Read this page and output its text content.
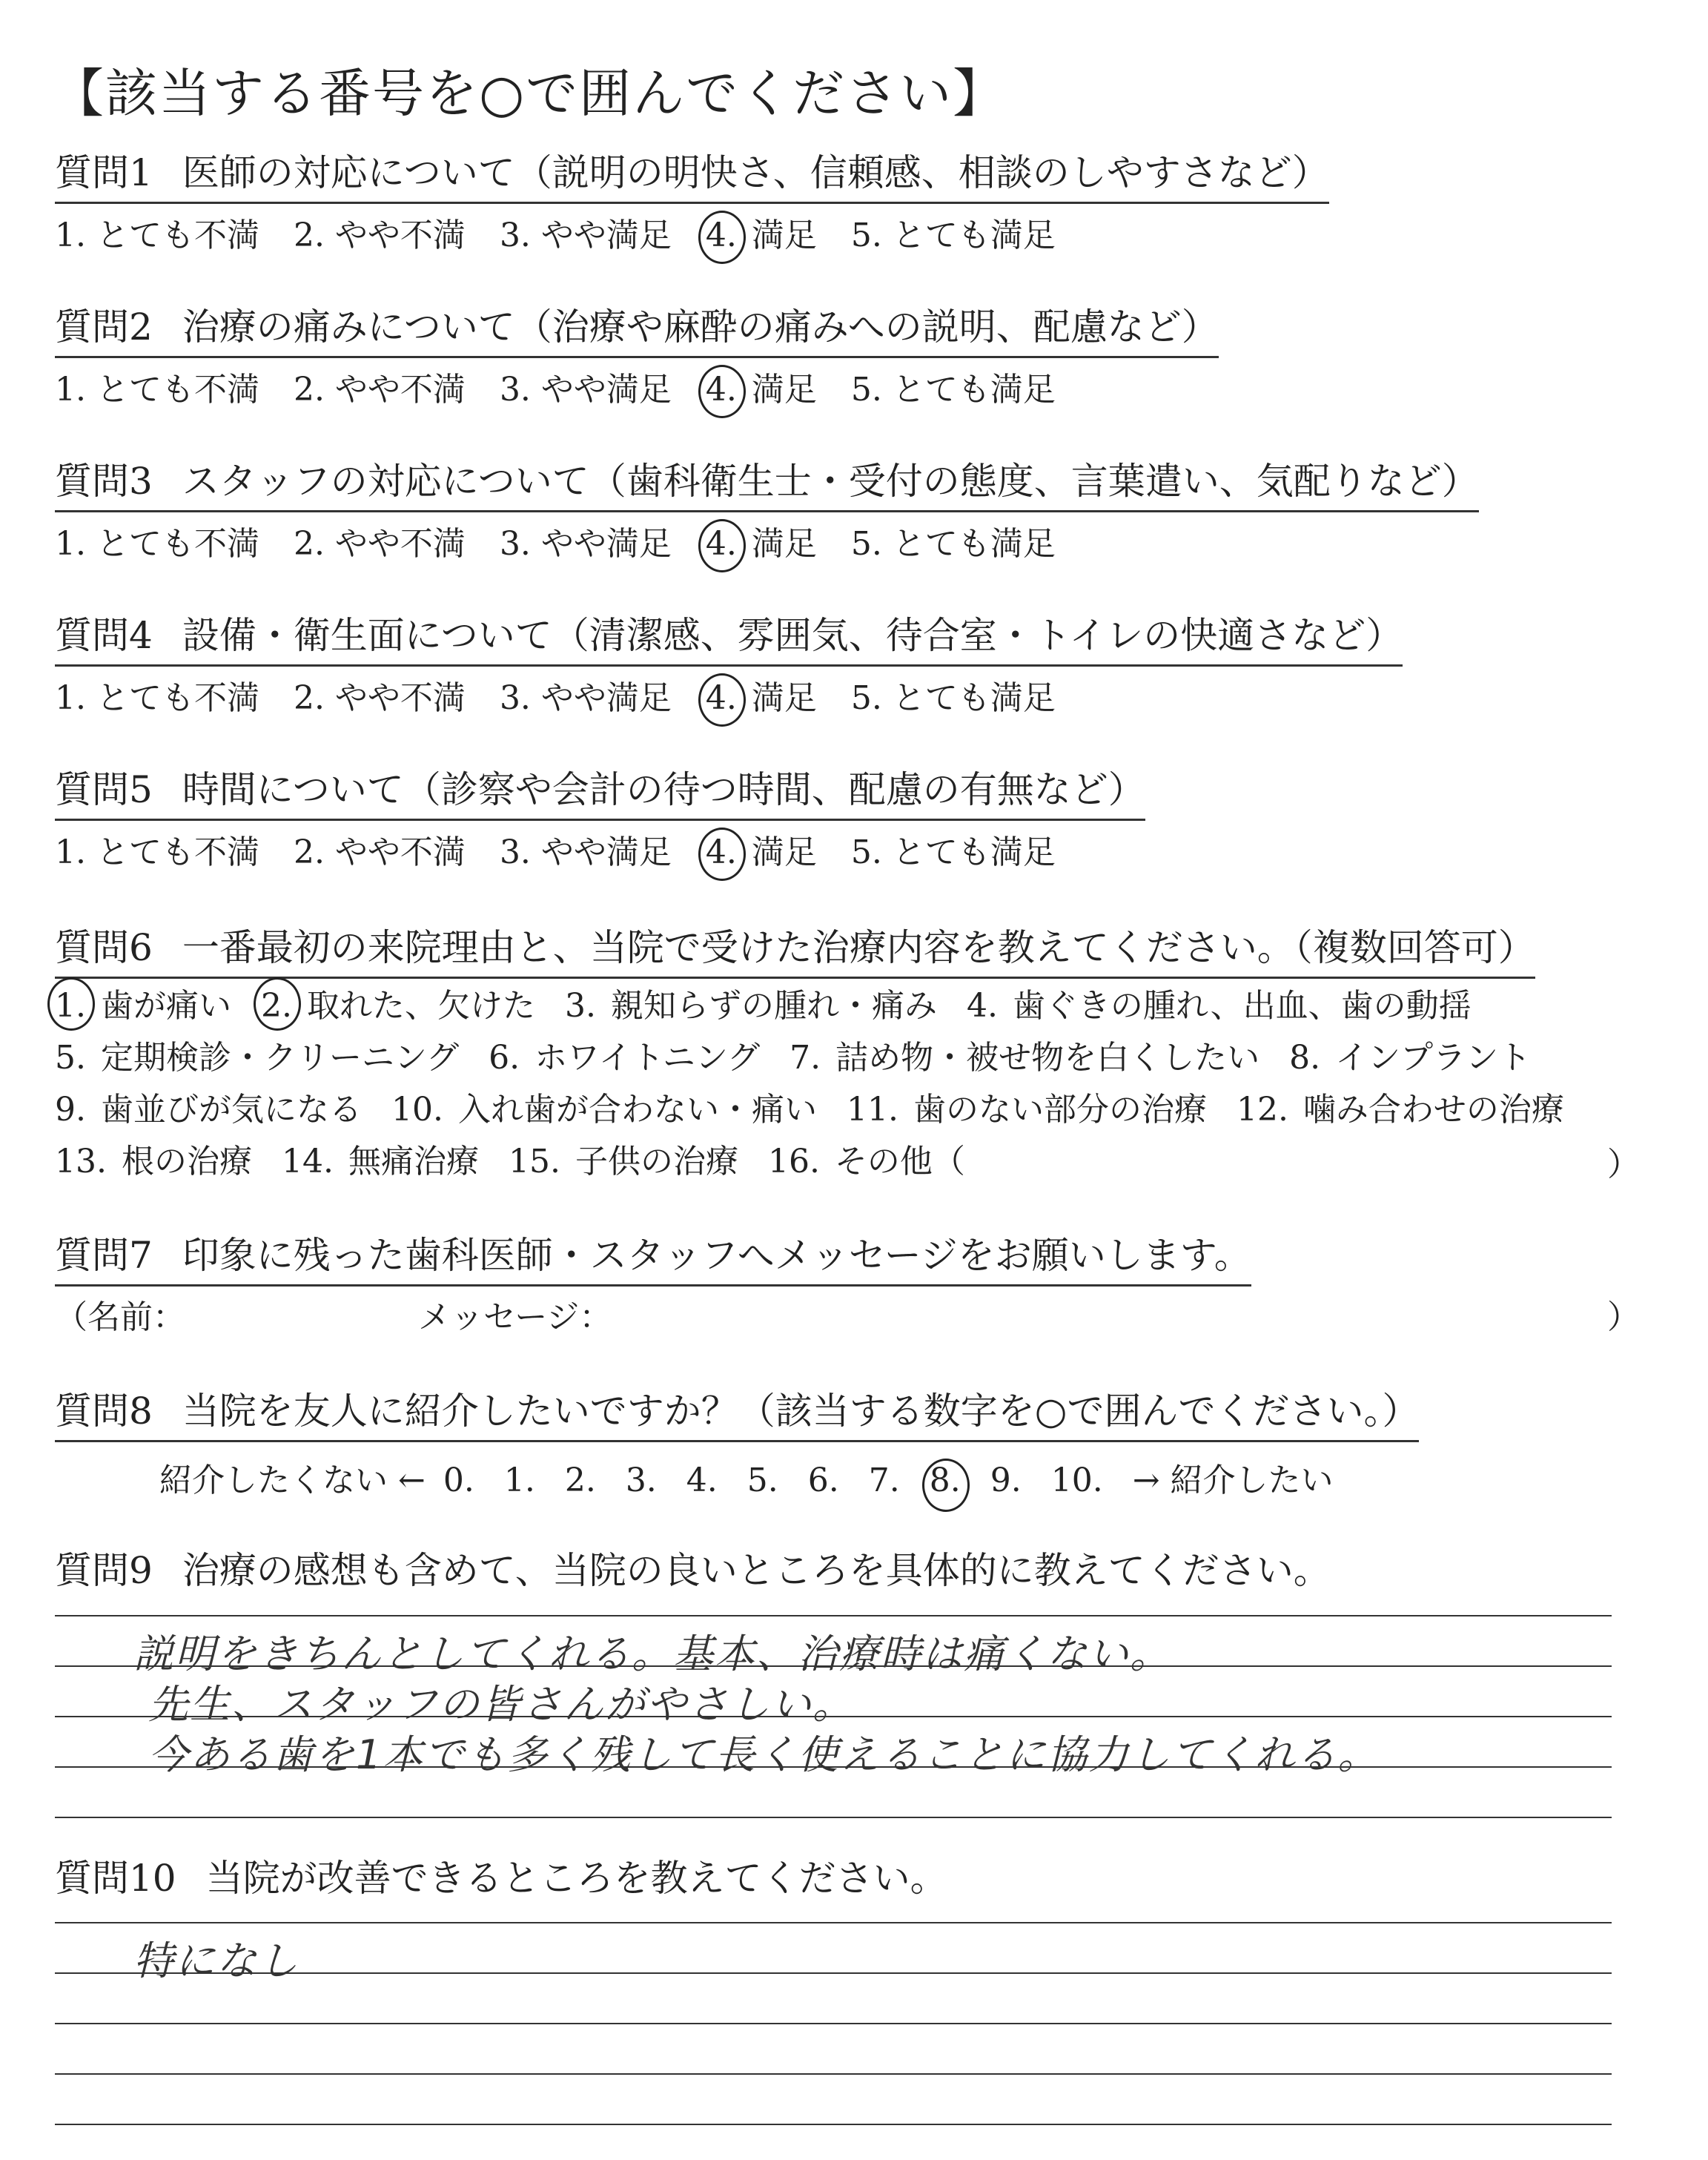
【該当する番号を○で囲んでください】
質問1 医師の対応について（説明の明快さ、信頼感、相談のしやすさなど）
1. とても不満 2. やや不満 3. やや満足 4. 満足 5. とても満足
質問2 治療の痛みについて（治療や麻酔の痛みへの説明、配慮など）
1. とても不満 2. やや不満 3. やや満足 4. 満足 5. とても満足
質問3 スタッフの対応について（歯科衛生士・受付の態度、言葉遣い、気配りなど）
1. とても不満 2. やや不満 3. やや満足 4. 満足 5. とても満足
質問4 設備・衛生面について（清潔感、雰囲気、待合室・トイレの快適さなど）
1. とても不満 2. やや不満 3. やや満足 4. 満足 5. とても満足
質問5 時間について（診察や会計の待つ時間、配慮の有無など）
1. とても不満 2. やや不満 3. やや満足 4. 満足 5. とても満足
質問6 一番最初の来院理由と、当院で受けた治療内容を教えてください。（複数回答可）
1. 歯が痛い 2. 取れた、欠けた 3. 親知らずの腫れ・痛み 4. 歯ぐきの腫れ、出血、歯の動揺
5. 定期検診・クリーニング 6. ホワイトニング 7. 詰め物・被せ物を白くしたい 8. インプラント
9. 歯並びが気になる 10. 入れ歯が合わない・痛い 11. 歯のない部分の治療 12. 噛み合わせの治療
13. 根の治療 14. 無痛治療 15. 子供の治療 16. その他（	）
質問7 印象に残った歯科医師・スタッフへメッセージをお願いします。
（名前：	メッセージ：	）
質問8 当院を友人に紹介したいですか？（該当する数字を○で囲んでください。）
紹介したくない ← 0. 1. 2. 3. 4. 5. 6. 7. 8. 9. 10. → 紹介したい
質問9 治療の感想も含めて、当院の良いところを具体的に教えてください。
説明をきちんとしてくれる。基本、治療時は痛くない。
先生、スタッフの皆さんがやさしい。
今ある歯を1本でも多く残して長く使えることに協力してくれる。
質問10 当院が改善できるところを教えてください。
特になし
